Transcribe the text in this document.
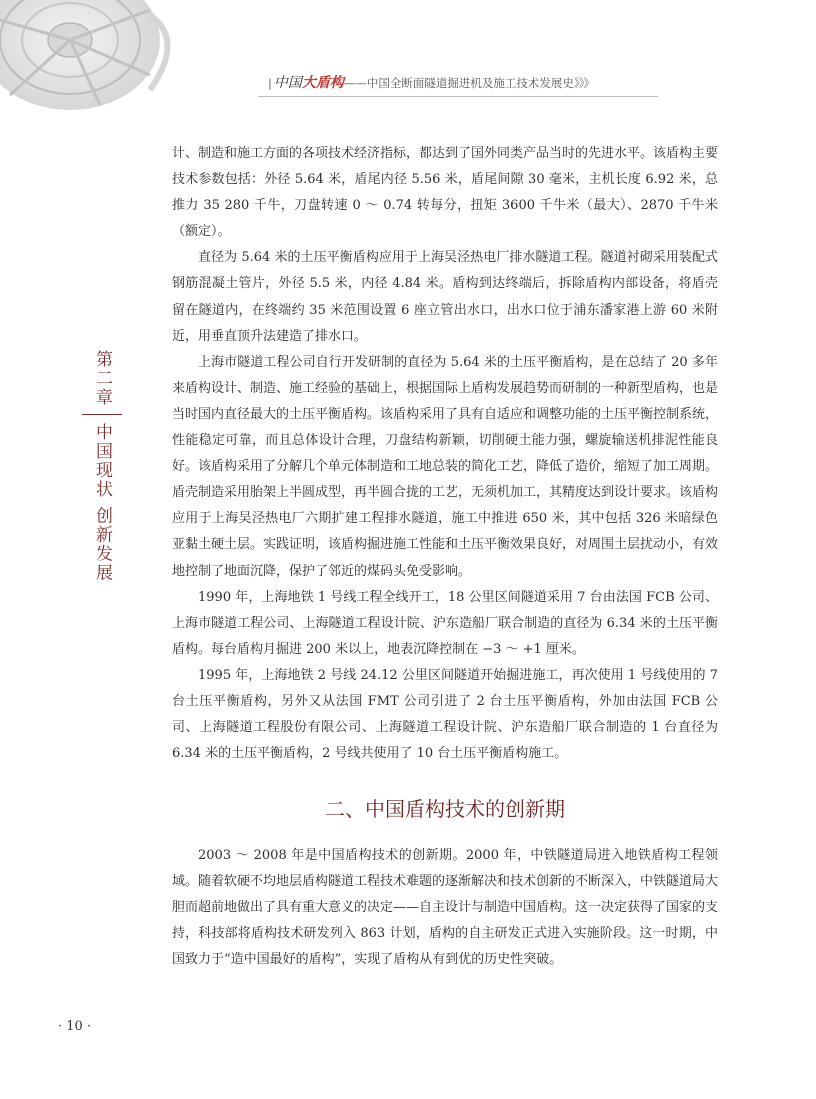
| 中国大盾构——中国全断面隧道掘进机及施工技术发展史》》》
第二章
中国现状 创新发展

计、制造和施工方面的各项技术经济指标，都达到了国外同类产品当时的先进水平。该盾构主要技术参数包括：外径 5.64 米，盾尾内径 5.56 米，盾尾间隙 30 毫米，主机长度 6.92 米，总推力 35 280 千牛，刀盘转速 0 ～ 0.74 转每分，扭矩 3600 千牛米（最大）、2870 千牛米（额定）。

直径为 5.64 米的土压平衡盾构应用于上海吴泾热电厂排水隧道工程。隧道衬砌采用装配式钢筋混凝土管片，外径 5.5 米，内径 4.84 米。盾构到达终端后，拆除盾构内部设备，将盾壳留在隧道内，在终端约 35 米范围设置 6 座立管出水口，出水口位于浦东潘家港上游 60 米附近，用垂直顶升法建造了排水口。

上海市隧道工程公司自行开发研制的直径为 5.64 米的土压平衡盾构，是在总结了 20 多年来盾构设计、制造、施工经验的基础上，根据国际上盾构发展趋势而研制的一种新型盾构，也是当时国内直径最大的土压平衡盾构。该盾构采用了具有自适应和调整功能的土压平衡控制系统，性能稳定可靠，而且总体设计合理，刀盘结构新颖，切削硬土能力强，螺旋输送机排泥性能良好。该盾构采用了分解几个单元体制造和工地总装的简化工艺，降低了造价，缩短了加工周期。盾壳制造采用胎架上半圆成型，再半圆合拢的工艺，无须机加工，其精度达到设计要求。该盾构应用于上海吴泾热电厂六期扩建工程排水隧道，施工中推进 650 米，其中包括 326 米暗绿色亚黏土硬土层。实践证明，该盾构掘进施工性能和土压平衡效果良好，对周围土层扰动小，有效地控制了地面沉降，保护了邻近的煤码头免受影响。

1990 年，上海地铁 1 号线工程全线开工，18 公里区间隧道采用 7 台由法国 FCB 公司、上海市隧道工程公司、上海隧道工程设计院、沪东造船厂联合制造的直径为 6.34 米的土压平衡盾构。每台盾构月掘进 200 米以上，地表沉降控制在 −3 ～ +1 厘米。

1995 年，上海地铁 2 号线 24.12 公里区间隧道开始掘进施工，再次使用 1 号线使用的 7 台土压平衡盾构，另外又从法国 FMT 公司引进了 2 台土压平衡盾构，外加由法国 FCB 公司、上海隧道工程股份有限公司、上海隧道工程设计院、沪东造船厂联合制造的 1 台直径为 6.34 米的土压平衡盾构，2 号线共使用了 10 台土压平衡盾构施工。

二、中国盾构技术的创新期

2003 ～ 2008 年是中国盾构技术的创新期。2000 年，中铁隧道局进入地铁盾构工程领域。随着软硬不均地层盾构隧道工程技术难题的逐渐解决和技术创新的不断深入，中铁隧道局大胆而超前地做出了具有重大意义的决定——自主设计与制造中国盾构。这一决定获得了国家的支持，科技部将盾构技术研发列入 863 计划，盾构的自主研发正式进入实施阶段。这一时期，中国致力于“造中国最好的盾构”，实现了盾构从有到优的历史性突破。

· 10 ·
